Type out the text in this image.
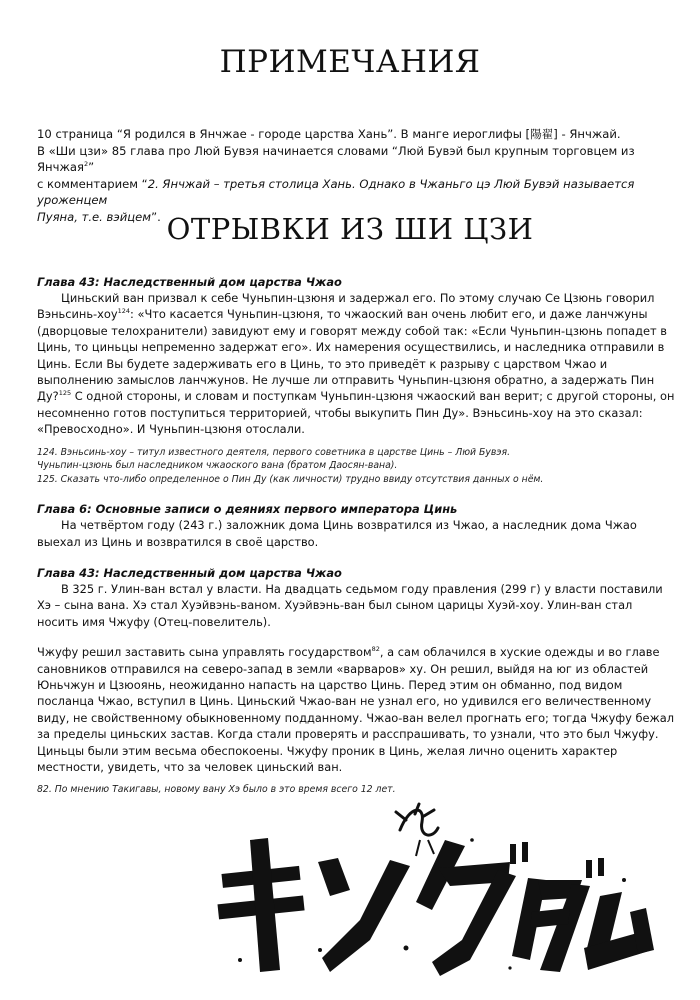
ПРИМЕЧАНИЯ

10 страница “Я родился в Янчжае - городе царства Хань”. В манге иероглифы [陽翟] - Янчжай.

В «Ши цзи» 85 глава про Люй Бувэя начинается словами “Люй Бувэй был крупным торговцем из Янчжая$^2$”

с комментарием “2. Янчжай – третья столица Хань. Однако в Чжаньго цэ Люй Бувэй называется уроженцем

Пуяна, т.е. вэйцем”. ОТРЫВКИ ИЗ ШИ ЦЗИ

Глава 43: Наследственный дом царства Чжао

Циньский ван призвал к себе Чуньпин-цзюня и задержал его. По этому случаю Се Цзюнь говорил Вэньсинь-хоу$^{124}$: «Что касается Чуньпин-цзюня, то чжаоский ван очень любит его, и даже ланчжуны (дворцовые телохранители) завидуют ему и говорят между собой так: «Если Чуньпин-цзюнь попадет в Цинь, то циньцы непременно задержат его». Их намерения осуществились, и наследника отправили в Цинь. Если Вы будете задерживать его в Цинь, то это приведёт к разрыву с царством Чжао и выполнению замыслов ланчжунов. Не лучше ли отправить Чуньпин-цзюня обратно, а задержать Пин Ду?$^{125}$ С одной стороны, и словам и поступкам Чуньпин-цзюня чжаоский ван верит; с другой стороны, он несомненно готов поступиться территорией, чтобы выкупить Пин Ду». Вэньсинь-хоу на это сказал: «Превосходно». И Чуньпин-цзюня отослали.

124. Вэньсинь-хоу – титул известного деятеля, первого советника в царстве Цинь – Люй Бувэя.

Чуньпин-цзюнь был наследником чжаоского вана (братом Даосян-вана).

125. Сказать что-либо определенное о Пин Ду (как личности) трудно ввиду отсутствия данных о нём.

Глава 6: Основные записи о деяниях первого императора Цинь

На четвёртом году (243 г.) заложник дома Цинь возвратился из Чжао, а наследник дома Чжао выехал из Цинь и возвратился в своё царство.

Глава 43: Наследственный дом царства Чжао

В 325 г. Улин-ван встал у власти. На двадцать седьмом году правления (299 г) у власти поставили Хэ – сына вана. Хэ стал Хуэйвэнь-ваном. Хуэйвэнь-ван был сыном царицы Хуэй-хоу. Улин-ван стал носить имя Чжуфу (Отец-повелитель).

Чжуфу решил заставить сына управлять государством$^{82}$, а сам облачился в хуские одежды и во главе сановников отправился на северо-запад в земли «варваров» ху. Он решил, выйдя на юг из областей Юньчжун и Цзюоянь, неожиданно напасть на царство Цинь. Перед этим он обманно, под видом посланца Чжао, вступил в Цинь. Циньский Чжао-ван не узнал его, но удивился его величественному виду, не свойственному обыкновенному подданному. Чжао-ван велел прогнать его; тогда Чжуфу бежал за пределы циньских застав. Когда стали проверять и расспрашивать, то узнали, что это был Чжуфу. Циньцы были этим весьма обеспокоены. Чжуфу проник в Цинь, желая лично оценить характер местности, увидеть, что за человек циньский ван.

82. По мнению Такигавы, новому вану Хэ было в это время всего 12 лет.
